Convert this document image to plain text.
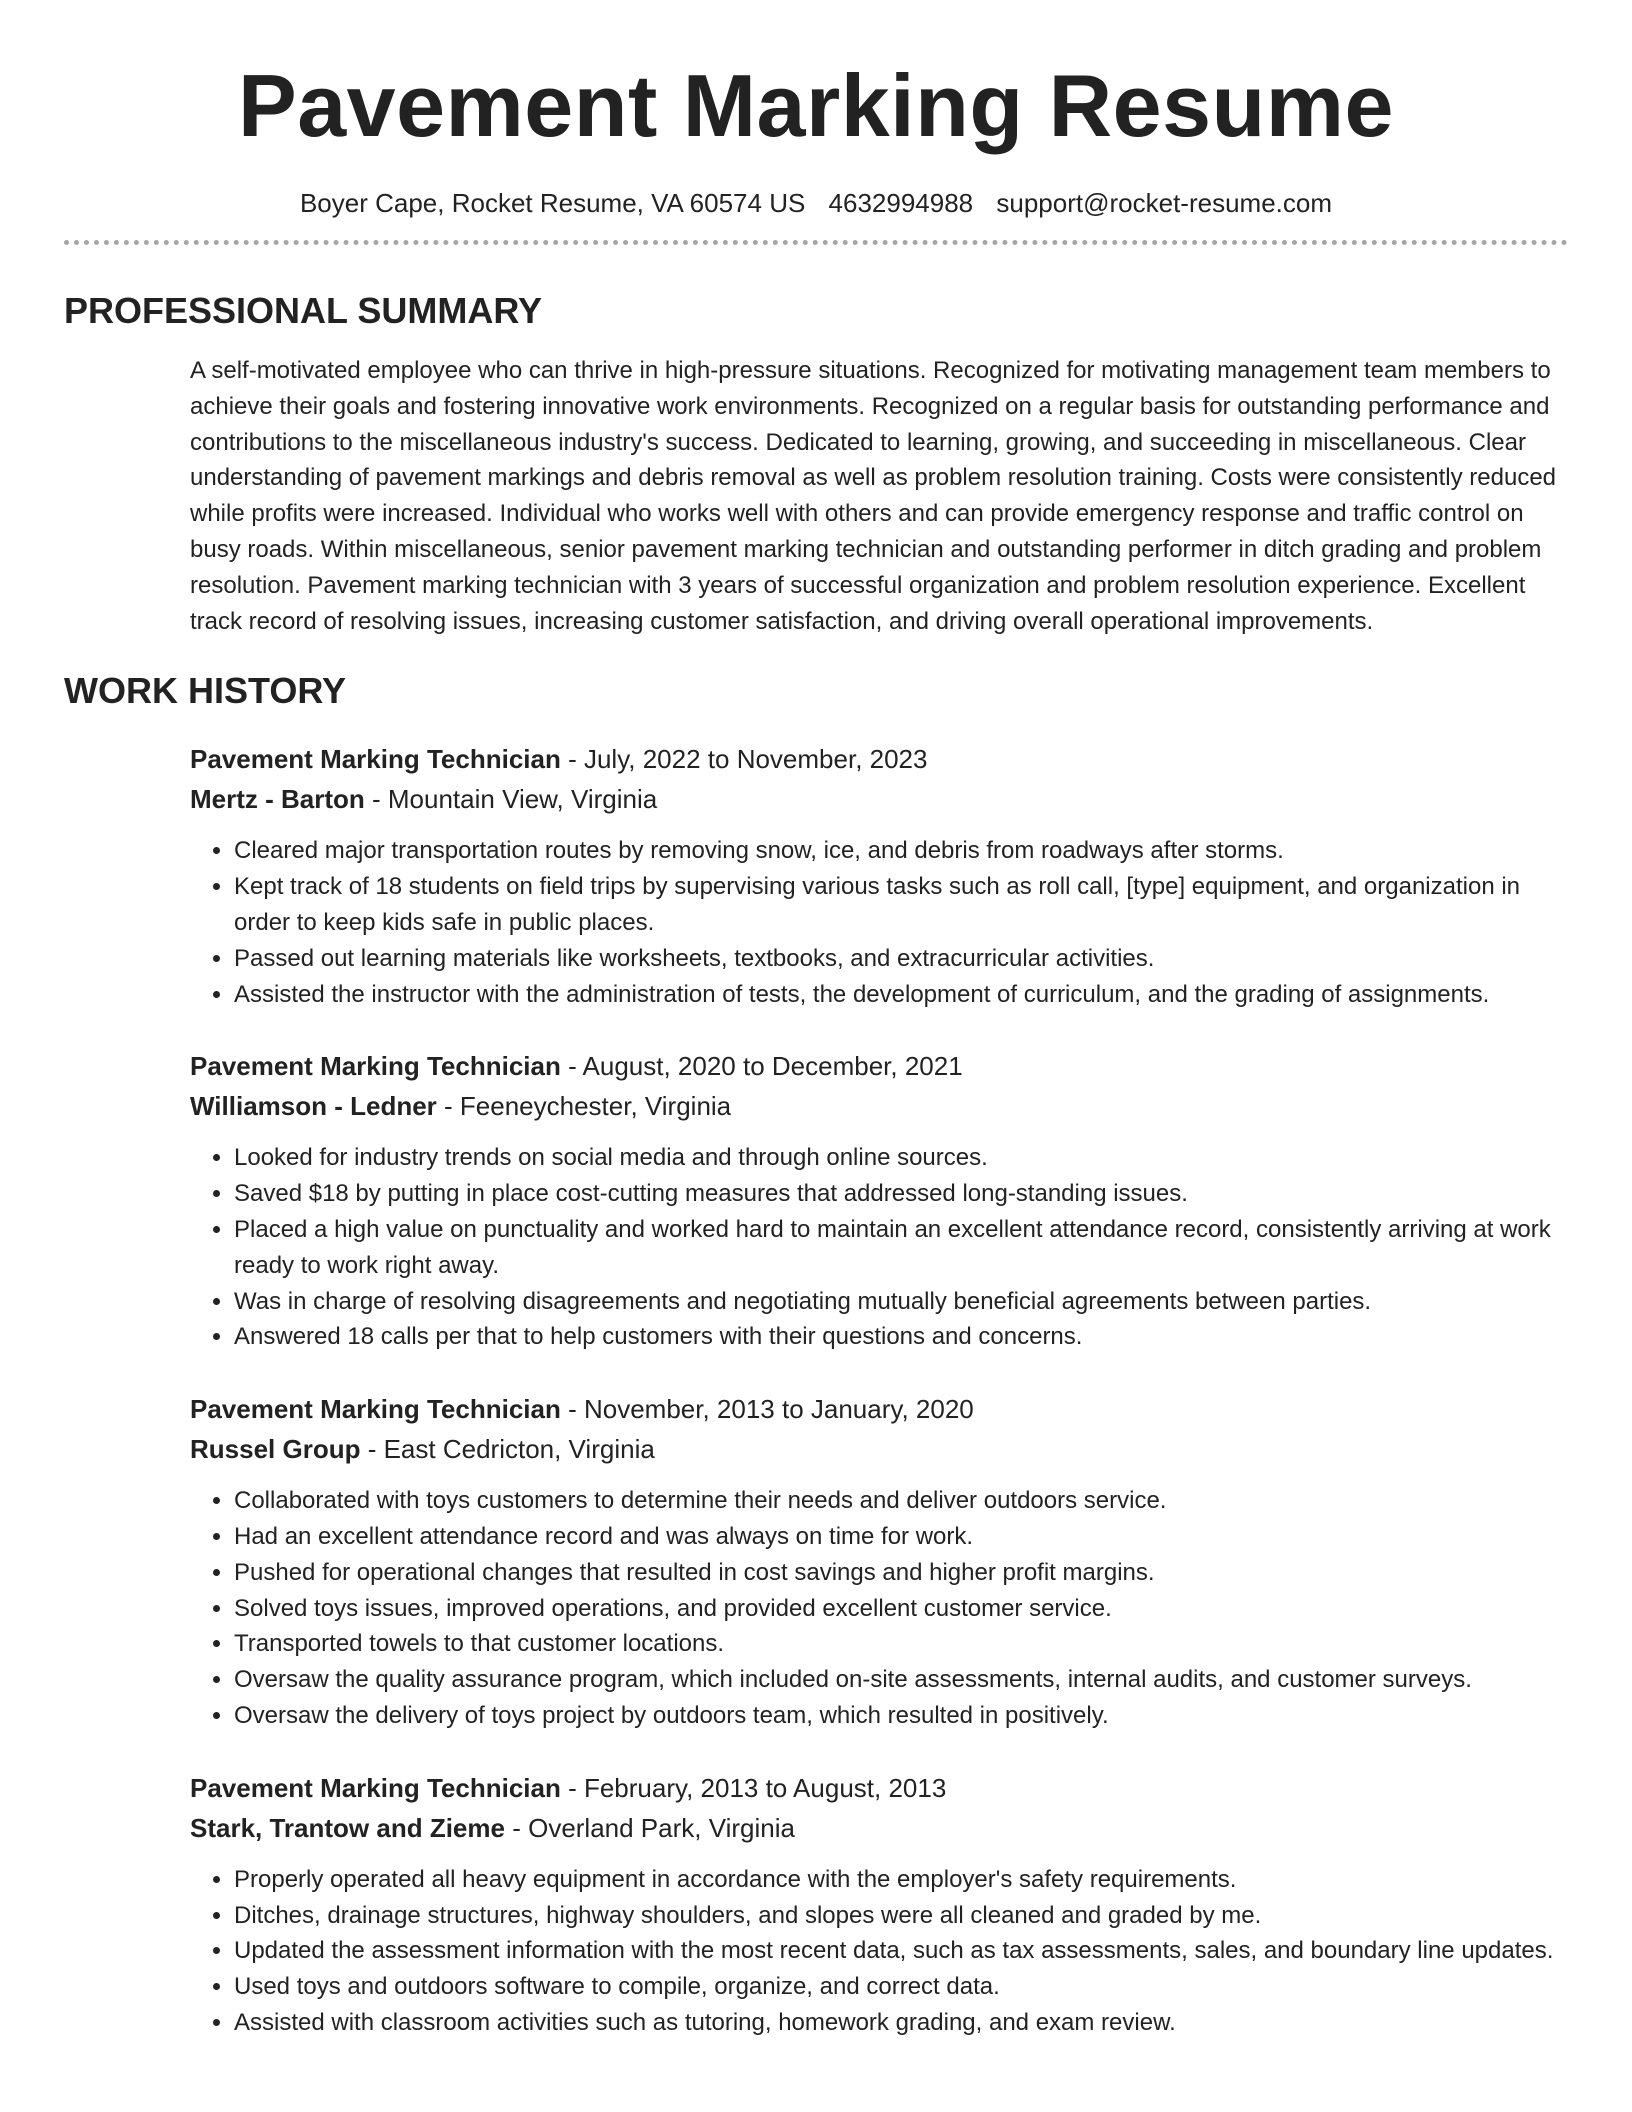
Pavement Marking Resume
Boyer Cape, Rocket Resume, VA 60574 US 4632994988 support@rocket-resume.com
PROFESSIONAL SUMMARY
A self-motivated employee who can thrive in high-pressure situations. Recognized for motivating management team members to achieve their goals and fostering innovative work environments. Recognized on a regular basis for outstanding performance and contributions to the miscellaneous industry's success. Dedicated to learning, growing, and succeeding in miscellaneous. Clear understanding of pavement markings and debris removal as well as problem resolution training. Costs were consistently reduced while profits were increased. Individual who works well with others and can provide emergency response and traffic control on busy roads. Within miscellaneous, senior pavement marking technician and outstanding performer in ditch grading and problem resolution. Pavement marking technician with 3 years of successful organization and problem resolution experience. Excellent track record of resolving issues, increasing customer satisfaction, and driving overall operational improvements.
WORK HISTORY
Pavement Marking Technician - July, 2022 to November, 2023
Mertz - Barton - Mountain View, Virginia
• Cleared major transportation routes by removing snow, ice, and debris from roadways after storms.
• Kept track of 18 students on field trips by supervising various tasks such as roll call, [type] equipment, and organization in order to keep kids safe in public places.
• Passed out learning materials like worksheets, textbooks, and extracurricular activities.
• Assisted the instructor with the administration of tests, the development of curriculum, and the grading of assignments.
Pavement Marking Technician - August, 2020 to December, 2021
Williamson - Ledner - Feeneychester, Virginia
• Looked for industry trends on social media and through online sources.
• Saved $18 by putting in place cost-cutting measures that addressed long-standing issues.
• Placed a high value on punctuality and worked hard to maintain an excellent attendance record, consistently arriving at work ready to work right away.
• Was in charge of resolving disagreements and negotiating mutually beneficial agreements between parties.
• Answered 18 calls per that to help customers with their questions and concerns.
Pavement Marking Technician - November, 2013 to January, 2020
Russel Group - East Cedricton, Virginia
• Collaborated with toys customers to determine their needs and deliver outdoors service.
• Had an excellent attendance record and was always on time for work.
• Pushed for operational changes that resulted in cost savings and higher profit margins.
• Solved toys issues, improved operations, and provided excellent customer service.
• Transported towels to that customer locations.
• Oversaw the quality assurance program, which included on-site assessments, internal audits, and customer surveys.
• Oversaw the delivery of toys project by outdoors team, which resulted in positively.
Pavement Marking Technician - February, 2013 to August, 2013
Stark, Trantow and Zieme - Overland Park, Virginia
• Properly operated all heavy equipment in accordance with the employer's safety requirements.
• Ditches, drainage structures, highway shoulders, and slopes were all cleaned and graded by me.
• Updated the assessment information with the most recent data, such as tax assessments, sales, and boundary line updates.
• Used toys and outdoors software to compile, organize, and correct data.
• Assisted with classroom activities such as tutoring, homework grading, and exam review.
